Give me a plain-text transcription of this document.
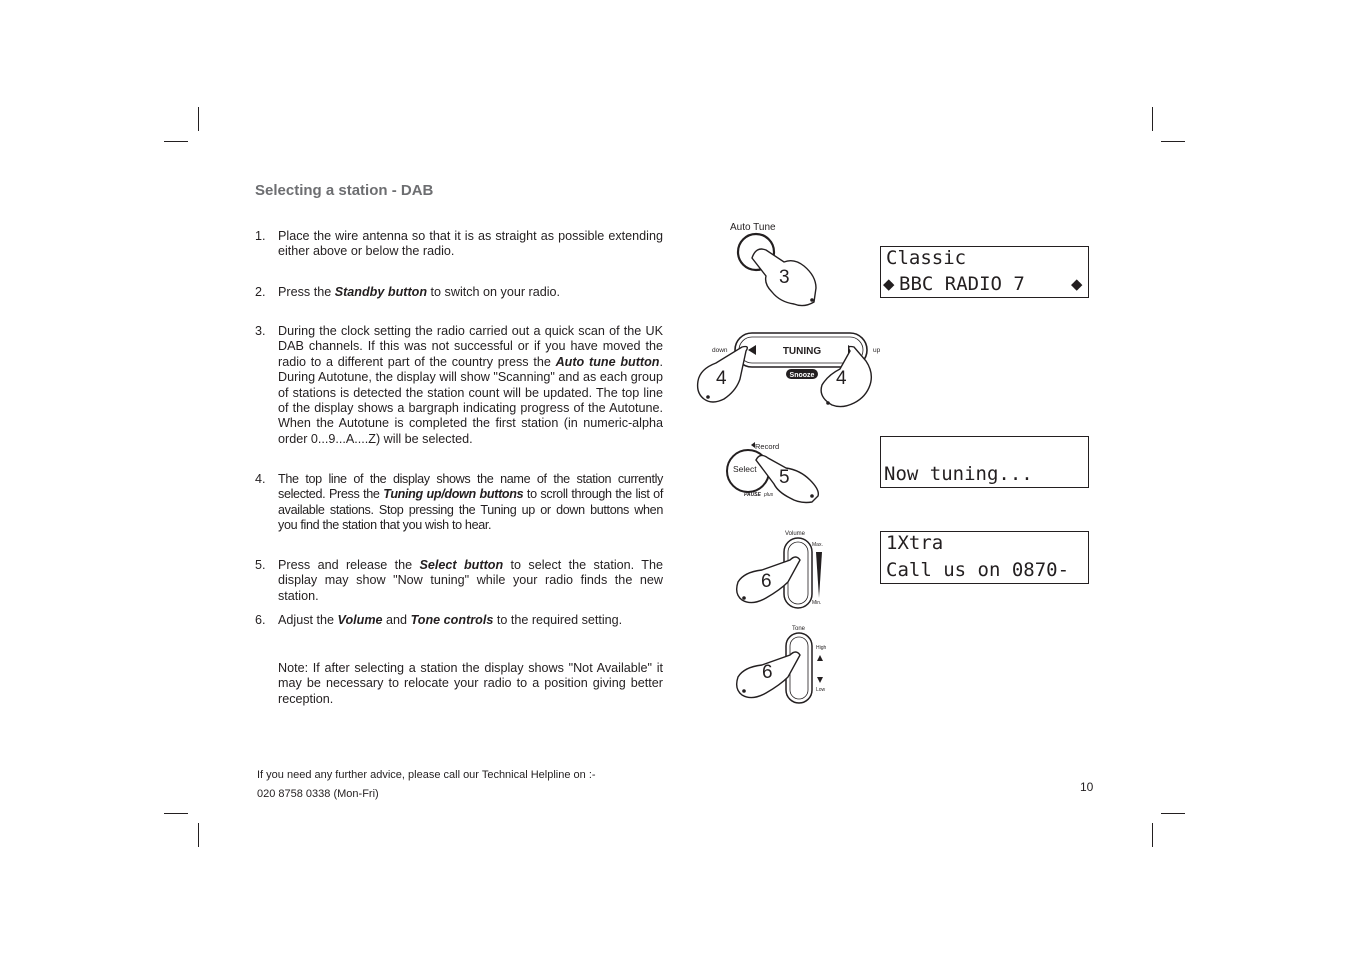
Selecting a station - DAB
1. Place the wire antenna so that it is as straight as possible extending either above or below the radio.
2. Press the Standby button to switch on your radio.
3. During the clock setting the radio carried out a quick scan of the UK DAB channels. If this was not successful or if you have moved the radio to a different part of the country press the Auto tune button. During Autotune, the display will show "Scanning" and as each group of stations is detected the station count will be updated. The top line of the display shows a bargraph indicating progress of the Autotune. When the Autotune is completed the first station (in numeric-alpha order 0...9...A....Z) will be selected.
4. The top line of the display shows the name of the station currently selected. Press the Tuning up/down buttons to scroll through the list of available stations. Stop pressing the Tuning up or down buttons when you find the station that you wish to hear.
5. Press and release the Select button to select the station. The display may show "Now tuning" while your radio finds the new station.
6. Adjust the Volume and Tone controls to the required setting.
Note: If after selecting a station the display shows "Not Available" it may be necessary to relocate your radio to a position giving better reception.
If you need any further advice, please call our Technical Helpline on :-
020 8758 0338 (Mon-Fri)	10
Auto Tune
3
TUNING
down	up
Snooze
4	4
Select
Record
PAUSE plus
5
Volume
Max.
Min.
6
Tone
High
Low
6
Classic
◆ BBC RADIO 7 ◆
Now tuning...
1Xtra
Call us on 0870-
